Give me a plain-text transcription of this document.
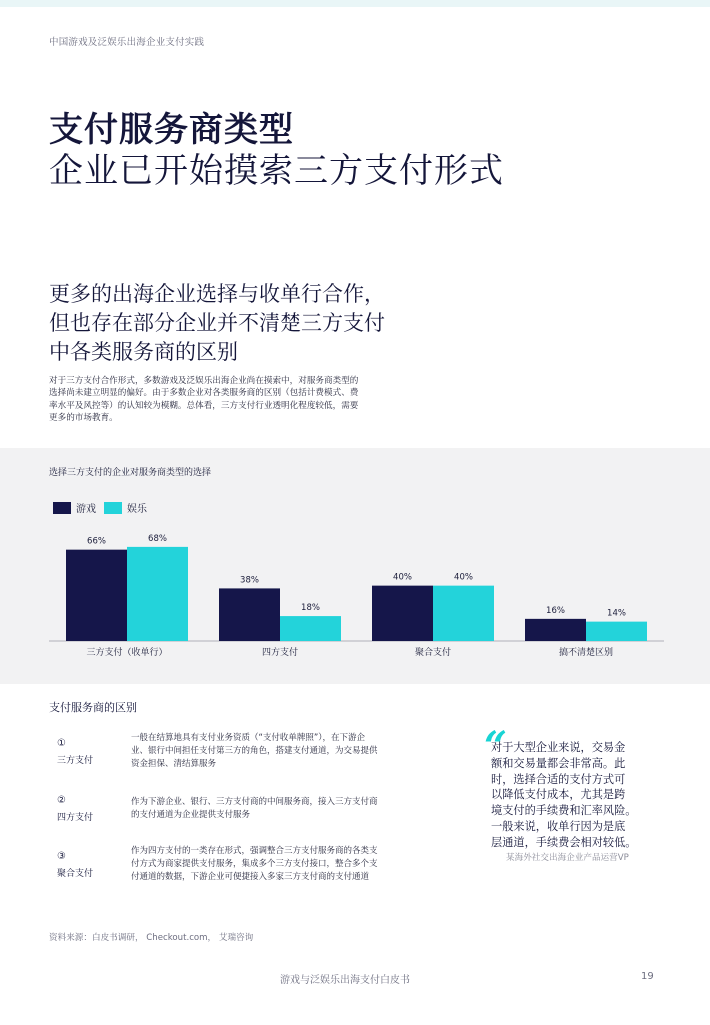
中国游戏及泛娱乐出海企业支付实践
支付服务商类型
企业已开始摸索三方支付形式
更多的出海企业选择与收单行合作，
但也存在部分企业并不清楚三方支付
中各类服务商的区别
对于三方支付合作形式，多数游戏及泛娱乐出海企业尚在摸索中，对服务商类型的
选择尚未建立明显的偏好。由于多数企业对各类服务商的区别（包括计费模式、费
率水平及风控等）的认知较为模糊。总体看，三方支付行业透明化程度较低，需要
更多的市场教育。
选择三方支付的企业对服务商类型的选择
游戏	娱乐
66%	68%
三方支付（收单行）
38%
18%
四方支付
40%	40%
聚合支付
16%	14%
搞不清楚区别
支付服务商的区别
①
三方支付
一般在结算地具有支付业务资质（“支付收单牌照”），在下游企
业、银行中间担任支付第三方的角色，搭建支付通道，为交易提供
资金担保、清结算服务
②
四方支付
作为下游企业、银行、三方支付商的中间服务商，接入三方支付商
的支付通道为企业提供支付服务
③
聚合支付
作为四方支付的一类存在形式，强调整合三方支付服务商的各类支
付方式为商家提供支付服务，集成多个三方支付接口，整合多个支
付通道的数据，下游企业可便捷接入多家三方支付商的支付通道
“
对于大型企业来说，交易金
额和交易量都会非常高。此
时，选择合适的支付方式可
以降低支付成本，尤其是跨
境支付的手续费和汇率风险。
一般来说，收单行因为是底
层通道，手续费会相对较低。
某海外社交出海企业产品运营VP
资料来源：白皮书调研， Checkout.com， 艾瑞咨询
游戏与泛娱乐出海支付白皮书	19
